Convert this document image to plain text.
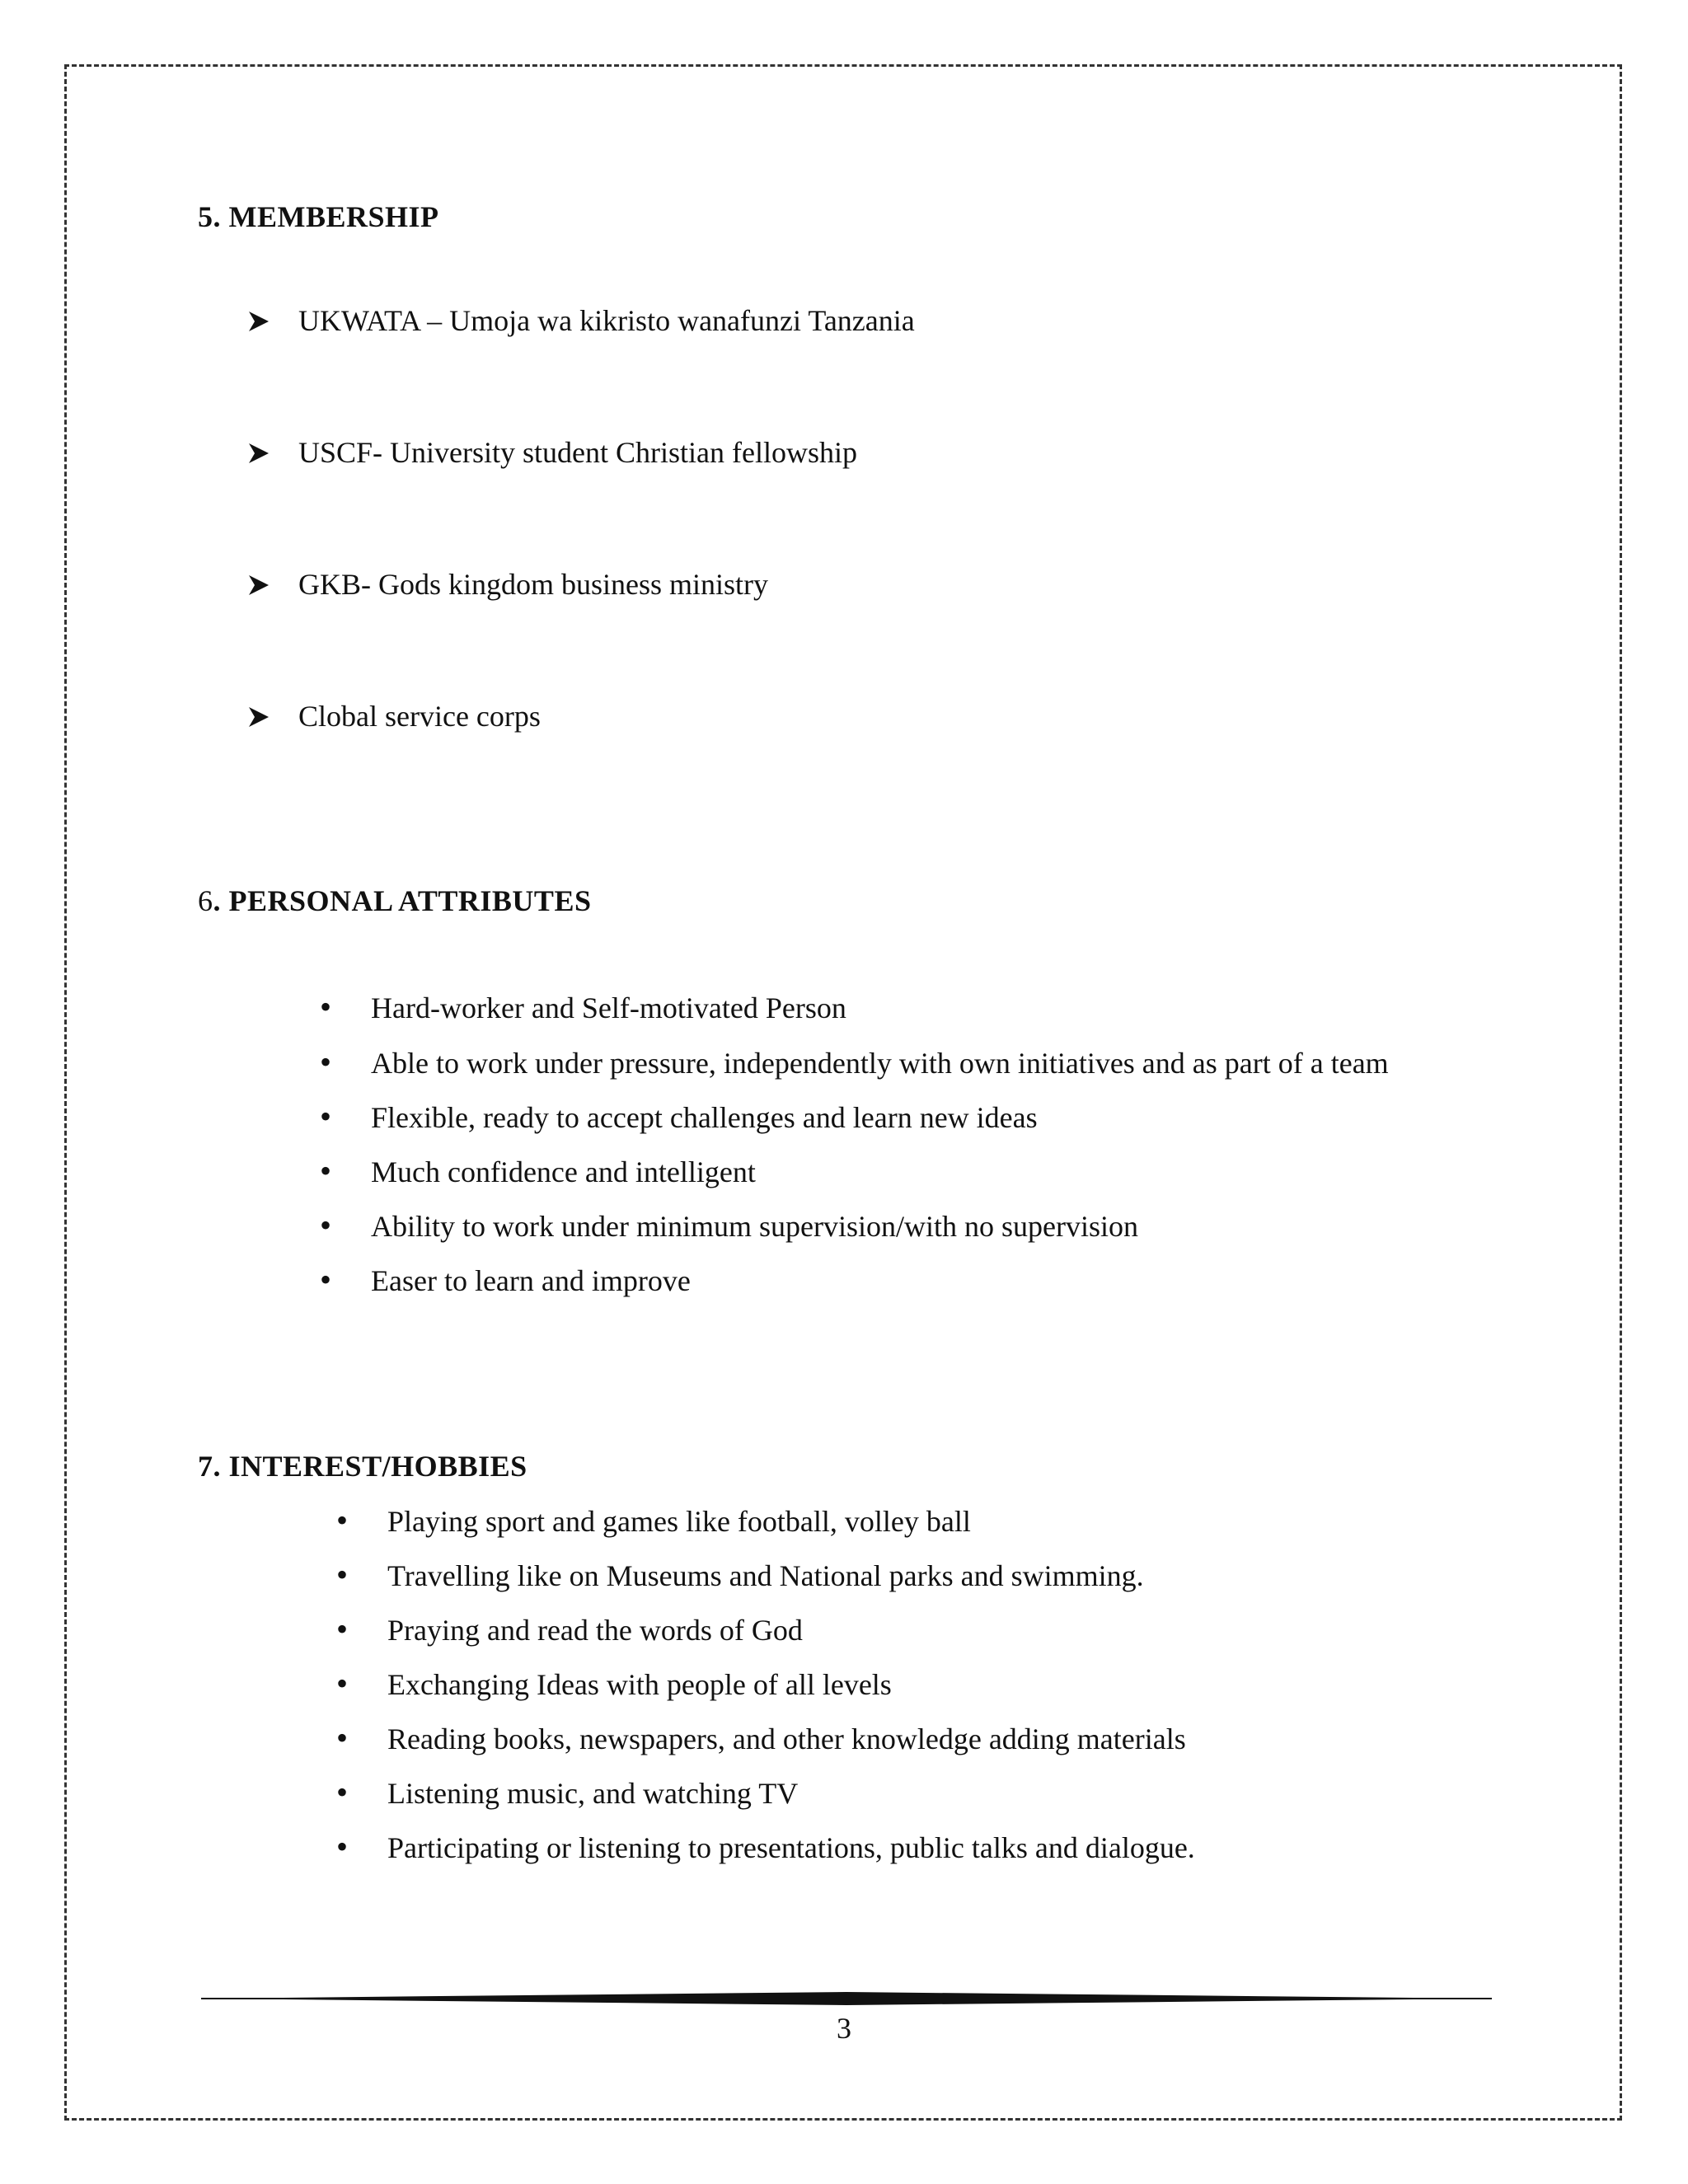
5. MEMBERSHIP
UKWATA – Umoja wa kikristo wanafunzi Tanzania
USCF- University student Christian fellowship
GKB- Gods kingdom business ministry
Clobal service corps
6. PERSONAL ATTRIBUTES
• Hard-worker and Self-motivated Person
• Able to work under pressure, independently with own initiatives and as part of a team
• Flexible, ready to accept challenges and learn new ideas
• Much confidence and intelligent
• Ability to work under minimum supervision/with no supervision
• Easer to learn and improve
7. INTEREST/HOBBIES
• Playing sport and games like football, volley ball
• Travelling like on Museums and National parks and swimming.
• Praying and read the words of God
• Exchanging Ideas with people of all levels
• Reading books, newspapers, and other knowledge adding materials
• Listening music, and watching TV
• Participating or listening to presentations, public talks and dialogue.
3
